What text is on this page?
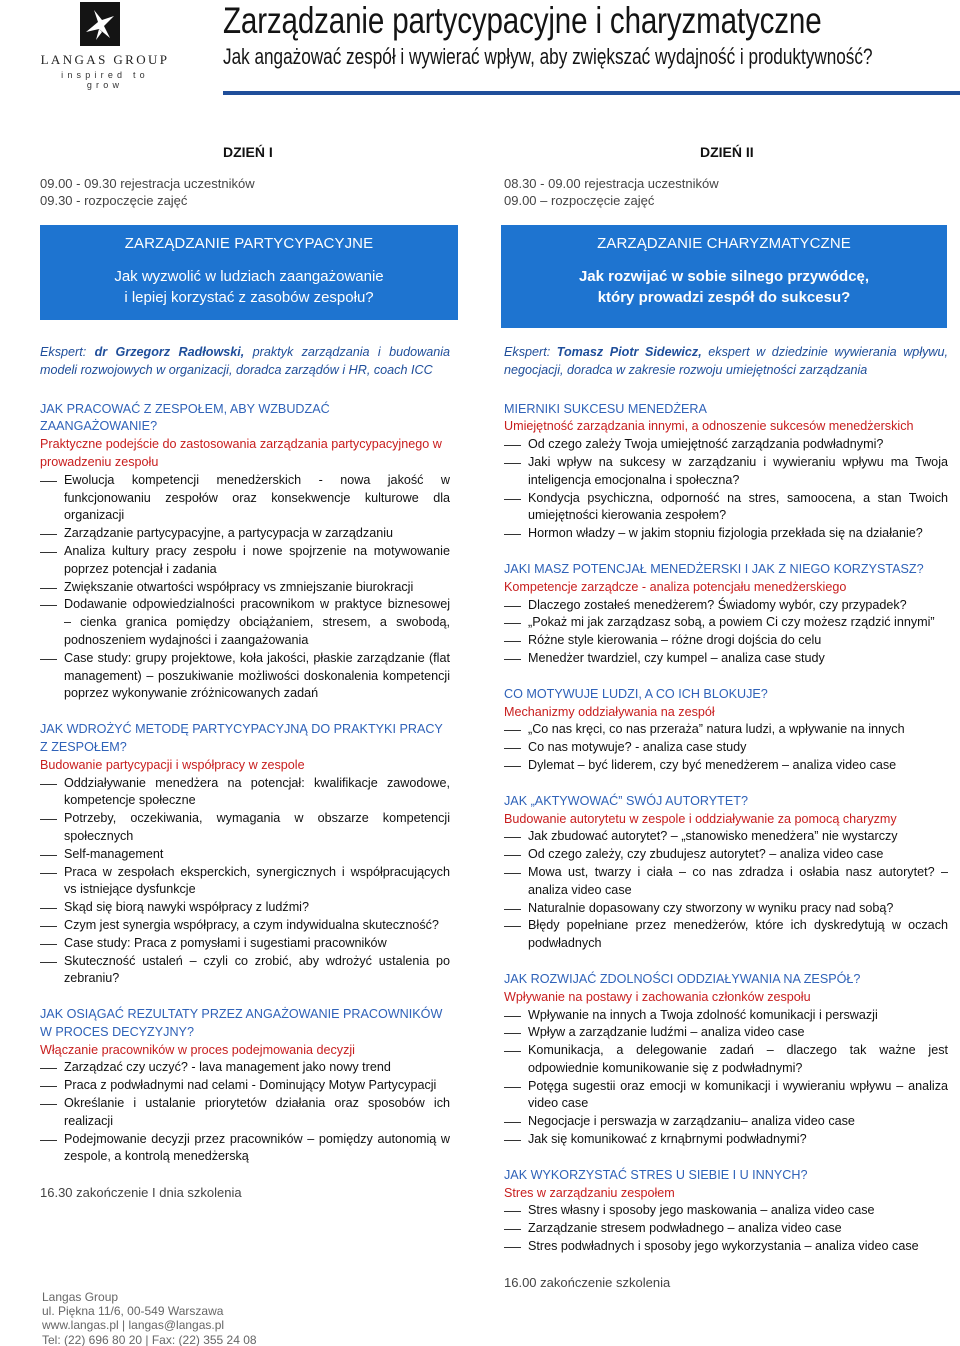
LANGAS GROUP
inspired to grow
Zarządzanie partycypacyjne i charyzmatyczne
Jak angażować zespół i wywierać wpływ, aby zwiększać wydajność i produktywność?
DZIEŃ I
09.00 - 09.30 rejestracja uczestników
09.30 - rozpoczęcie zajęć
ZARZĄDZANIE PARTYCYPACYJNE
Jak wyzwolić w ludziach zaangażowanie
i lepiej korzystać z zasobów zespołu?
DZIEŃ II
08.30 - 09.00 rejestracja uczestników
09.00 – rozpoczęcie zajęć
ZARZĄDZANIE CHARYZMATYCZNE
Jak rozwijać w sobie silnego przywódcę,
który prowadzi zespół do sukcesu?
Ekspert: dr Grzegorz Radłowski, praktyk zarządzania i budowania modeli rozwojowych w organizacji, doradca zarządów i HR, coach ICC
JAK PRACOWAĆ Z ZESPOŁEM, ABY WZBUDZAĆ ZAANGAŻOWANIE?
Praktyczne podejście do zastosowania zarządzania partycypacyjnego w prowadzeniu zespołu
Ewolucja kompetencji menedżerskich - nowa jakość w funkcjonowaniu zespołów oraz konsekwencje kulturowe dla organizacji
Zarządzanie partycypacyjne, a partycypacja w zarządzaniu
Analiza kultury pracy zespołu i nowe spojrzenie na motywowanie poprzez potencjał i zadania
Zwiększanie otwartości współpracy vs zmniejszanie biurokracji
Dodawanie odpowiedzialności pracownikom w praktyce biznesowej – cienka granica pomiędzy obciążaniem, stresem, a swobodą, podnoszeniem wydajności i zaangażowania
Case study: grupy projektowe, koła jakości, płaskie zarządzanie (flat management) – poszukiwanie możliwości doskonalenia kompetencji poprzez wykonywanie zróżnicowanych zadań
JAK WDROŻYĆ METODĘ PARTYCYPACYJNĄ DO PRAKTYKI PRACY Z ZESPOŁEM?
Budowanie partycypacji i współpracy w zespole
Oddziaływanie menedżera na potencjał: kwalifikacje zawodowe, kompetencje społeczne
Potrzeby, oczekiwania, wymagania w obszarze kompetencji społecznych
Self-management
Praca w zespołach eksperckich, synergicznych i współpracujących vs istniejące dysfunkcje
Skąd się biorą nawyki współpracy z ludźmi?
Czym jest synergia współpracy, a czym indywidualna skuteczność?
Case study: Praca z pomysłami i sugestiami pracowników
Skuteczność ustaleń – czyli co zrobić, aby wdrożyć ustalenia po zebraniu?
JAK OSIĄGAĆ REZULTATY PRZEZ ANGAŻOWANIE PRACOWNIKÓW W PROCES DECYZYJNY?
Włączanie pracowników w proces podejmowania decyzji
Zarządzać czy uczyć? - lava management jako nowy trend
Praca z podwładnymi nad celami - Dominujący Motyw Partycypacji
Określanie i ustalanie priorytetów działania oraz sposobów ich realizacji
Podejmowanie decyzji przez pracowników – pomiędzy autonomią w zespole, a kontrolą menedżerską
16.30 zakończenie I dnia szkolenia
Ekspert: Tomasz Piotr Sidewicz, ekspert w dziedzinie wywierania wpływu, negocjacji, doradca w zakresie rozwoju umiejętności zarządzania
MIERNIKI SUKCESU MENEDŻERA
Umiejętność zarządzania innymi, a odnoszenie sukcesów menedżerskich
Od czego zależy Twoja umiejętność zarządzania podwładnymi?
Jaki wpływ na sukcesy w zarządzaniu i wywieraniu wpływu ma Twoja inteligencja emocjonalna i społeczna?
Kondycja psychiczna, odporność na stres, samoocena, a stan Twoich umiejętności kierowania zespołem?
Hormon władzy – w jakim stopniu fizjologia przekłada się na działanie?
JAKI MASZ POTENCJAŁ MENEDŻERSKI I JAK Z NIEGO KORZYSTASZ?
Kompetencje zarządcze - analiza potencjału menedżerskiego
Dlaczego zostałeś menedżerem? Świadomy wybór, czy przypadek?
„Pokaż mi jak zarządzasz sobą, a powiem Ci czy możesz rządzić innymi”
Różne style kierowania – różne drogi dojścia do celu
Menedżer twardziel, czy kumpel – analiza case study
CO MOTYWUJE LUDZI, A CO ICH BLOKUJE?
Mechanizmy oddziaływania na zespół
„Co nas kręci, co nas przeraża” natura ludzi, a wpływanie na innych
Co nas motywuje? - analiza case study
Dylemat – być liderem, czy być menedżerem – analiza video case
JAK „AKTYWOWAĆ” SWÓJ AUTORYTET?
Budowanie autorytetu w zespole i oddziaływanie za pomocą charyzmy
Jak zbudować autorytet? – „stanowisko menedżera” nie wystarczy
Od czego zależy, czy zbudujesz autorytet? – analiza video case
Mowa ust, twarzy i ciała – co nas zdradza i osłabia nasz autorytet? – analiza video case
Naturalnie dopasowany czy stworzony w wyniku pracy nad sobą?
Błędy popełniane przez menedżerów, które ich dyskredytują w oczach podwładnych
JAK ROZWIJAĆ ZDOLNOŚCI ODDZIAŁYWANIA NA ZESPÓŁ?
Wpływanie na postawy i zachowania członków zespołu
Wpływanie na innych a Twoja zdolność komunikacji i perswazji
Wpływ a zarządzanie ludźmi – analiza video case
Komunikacja, a delegowanie zadań – dlaczego tak ważne jest odpowiednie komunikowanie się z podwładnymi?
Potęga sugestii oraz emocji w komunikacji i wywieraniu wpływu – analiza video case
Negocjacje i perswazja w zarządzaniu– analiza video case
Jak się komunikować z krnąbrnymi podwładnymi?
JAK WYKORZYSTAĆ STRES U SIEBIE I U INNYCH?
Stres w zarządzaniu zespołem
Stres własny i sposoby jego maskowania – analiza video case
Zarządzanie stresem podwładnego – analiza video case
Stres podwładnych i sposoby jego wykorzystania – analiza video case
16.00 zakończenie szkolenia
Langas Group
ul. Piękna 11/6, 00-549 Warszawa
www.langas.pl | langas@langas.pl
Tel: (22) 696 80 20 | Fax: (22) 355 24 08
